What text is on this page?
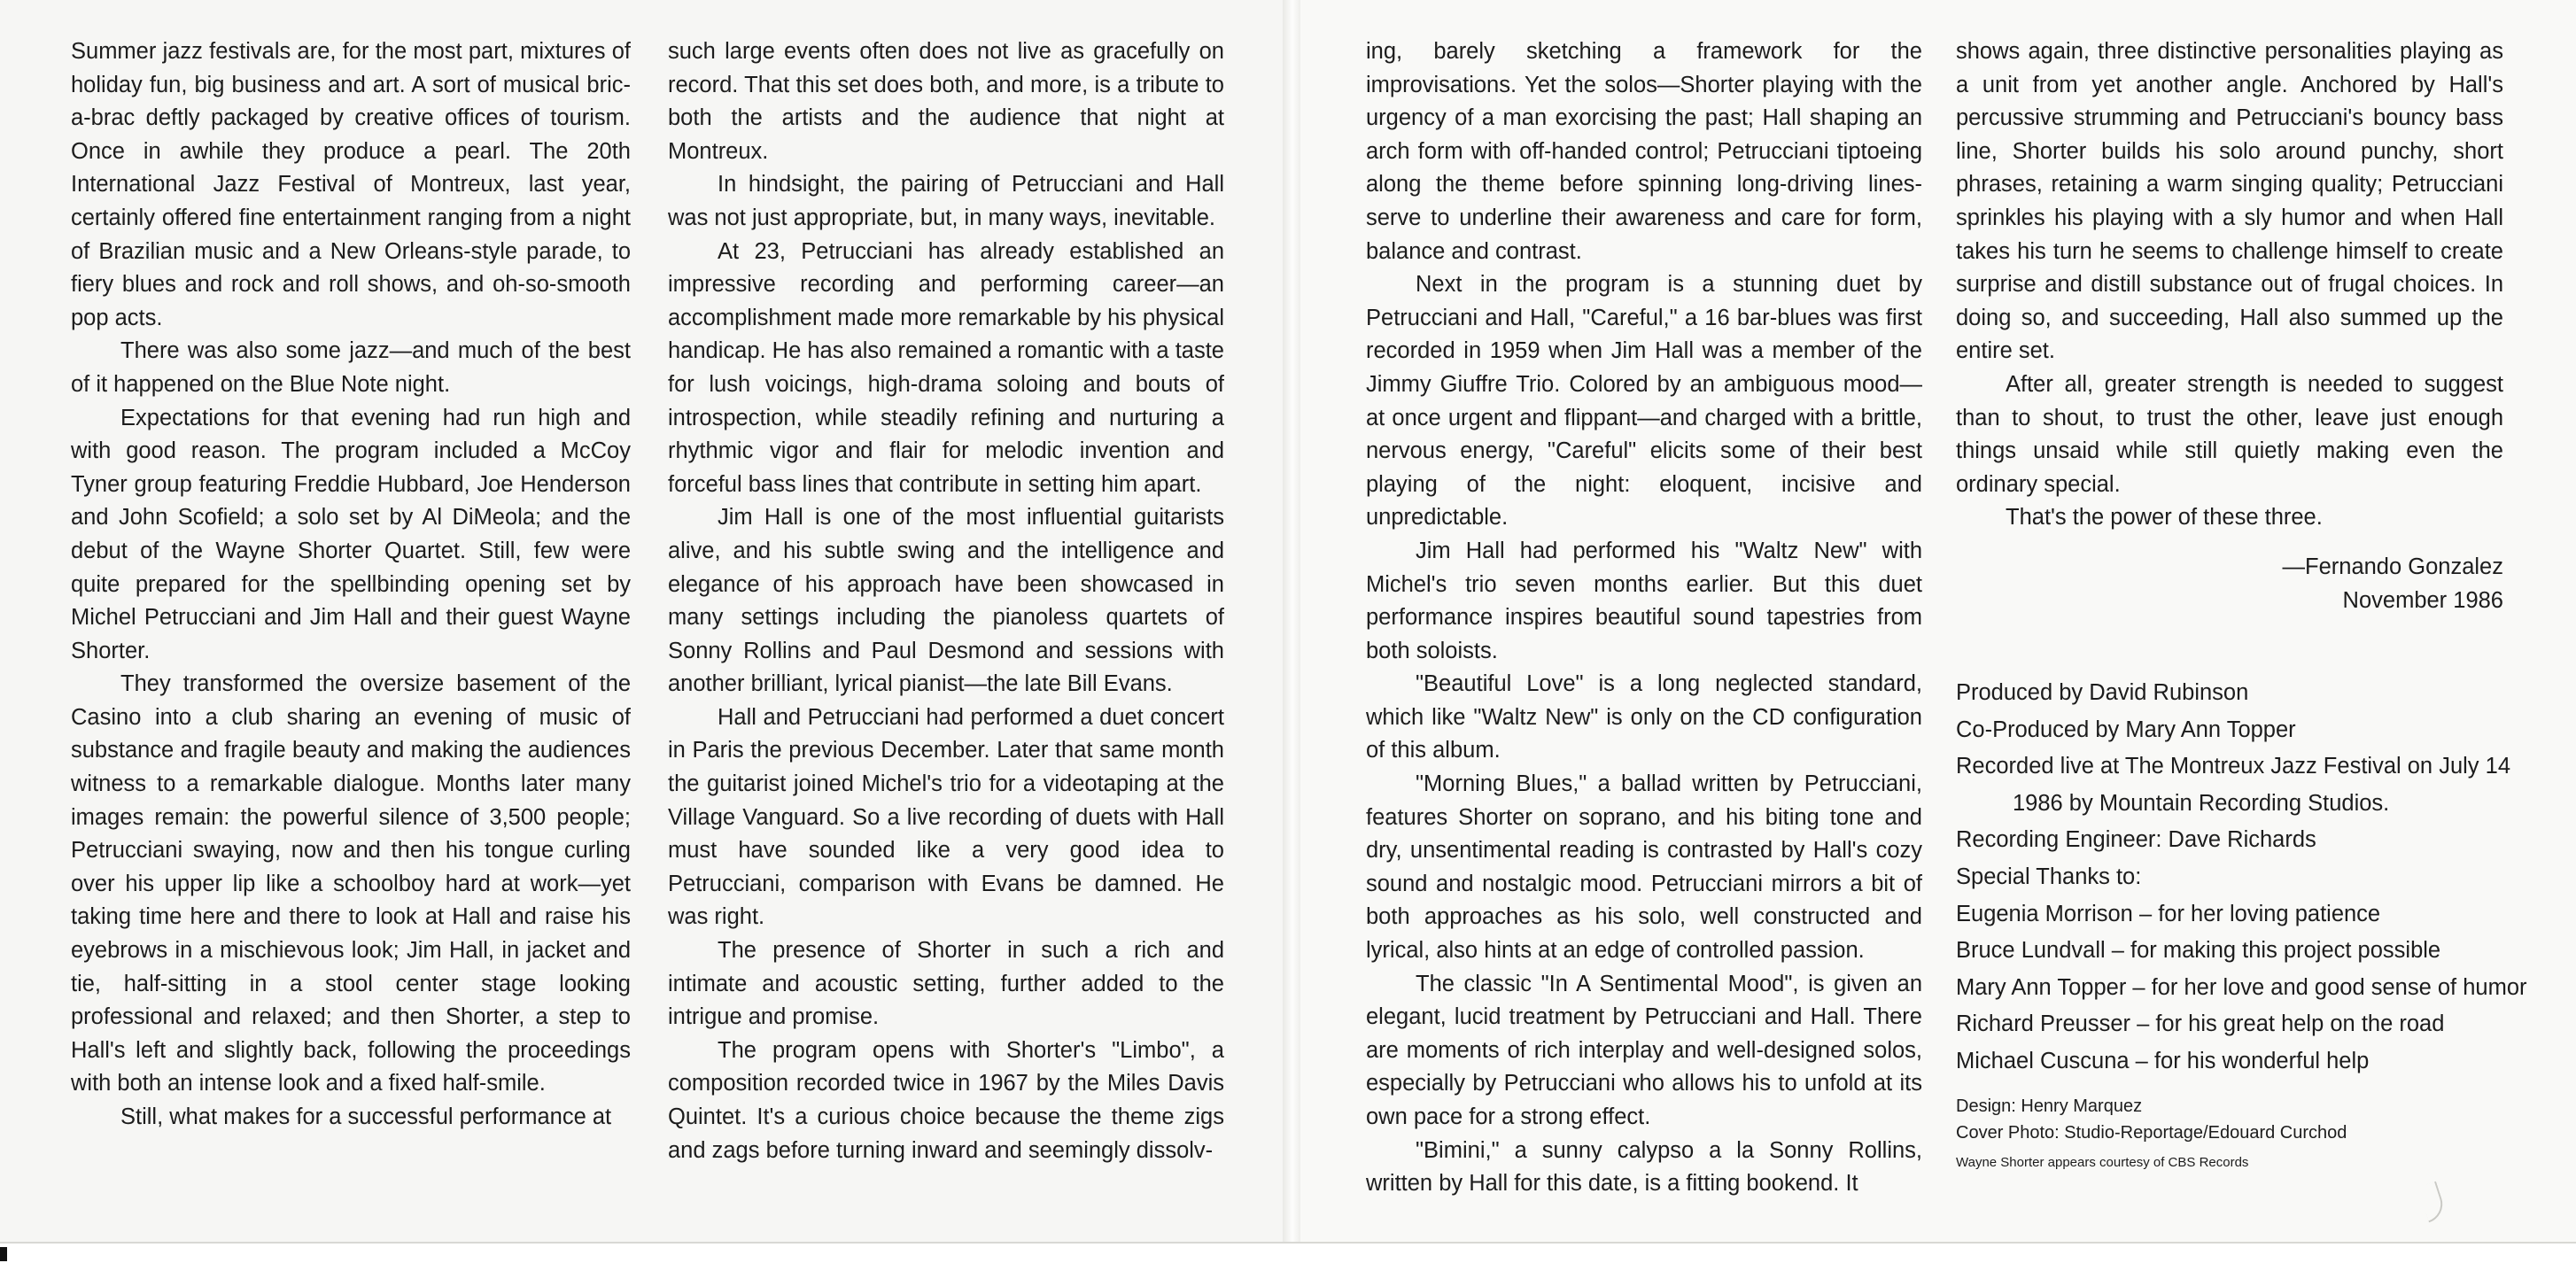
Summer jazz festivals are, for the most part, mixtures of holiday fun, big business and art. A sort of musical bric-a-brac deftly packaged by creative offices of tourism. Once in awhile they produce a pearl. The 20th International Jazz Festival of Montreux, last year, certainly offered fine entertainment ranging from a night of Brazilian music and a New Orleans-style parade, to fiery blues and rock and roll shows, and oh-so-smooth pop acts.

There was also some jazz—and much of the best of it happened on the Blue Note night.

Expectations for that evening had run high and with good reason. The program included a McCoy Tyner group featuring Freddie Hubbard, Joe Henderson and John Scofield; a solo set by Al DiMeola; and the debut of the Wayne Shorter Quartet. Still, few were quite prepared for the spellbinding opening set by Michel Petrucciani and Jim Hall and their guest Wayne Shorter.

They transformed the oversize basement of the Casino into a club sharing an evening of music of substance and fragile beauty and making the audiences witness to a remarkable dialogue. Months later many images remain: the powerful silence of 3,500 people; Petrucciani swaying, now and then his tongue curling over his upper lip like a schoolboy hard at work—yet taking time here and there to look at Hall and raise his eyebrows in a mischievous look; Jim Hall, in jacket and tie, half-sitting in a stool center stage looking professional and relaxed; and then Shorter, a step to Hall's left and slightly back, following the proceedings with both an intense look and a fixed half-smile.

Still, what makes for a successful performance at

such large events often does not live as gracefully on record. That this set does both, and more, is a tribute to both the artists and the audience that night at Montreux.

In hindsight, the pairing of Petrucciani and Hall was not just appropriate, but, in many ways, inevitable.

At 23, Petrucciani has already established an impressive recording and performing career—an accomplishment made more remarkable by his physical handicap. He has also remained a romantic with a taste for lush voicings, high-drama soloing and bouts of introspection, while steadily refining and nurturing a rhythmic vigor and flair for melodic invention and forceful bass lines that contribute in setting him apart.

Jim Hall is one of the most influential guitarists alive, and his subtle swing and the intelligence and elegance of his approach have been showcased in many settings including the pianoless quartets of Sonny Rollins and Paul Desmond and sessions with another brilliant, lyrical pianist—the late Bill Evans.

Hall and Petrucciani had performed a duet concert in Paris the previous December. Later that same month the guitarist joined Michel's trio for a videotaping at the Village Vanguard. So a live recording of duets with Hall must have sounded like a very good idea to Petrucciani, comparison with Evans be damned. He was right.

The presence of Shorter in such a rich and intimate and acoustic setting, further added to the intrigue and promise.

The program opens with Shorter's "Limbo", a composition recorded twice in 1967 by the Miles Davis Quintet. It's a curious choice because the theme zigs and zags before turning inward and seemingly dissolv-

ing, barely sketching a framework for the improvisations. Yet the solos—Shorter playing with the urgency of a man exorcising the past; Hall shaping an arch form with off-handed control; Petrucciani tiptoeing along the theme before spinning long-driving lines-serve to underline their awareness and care for form, balance and contrast.

Next in the program is a stunning duet by Petrucciani and Hall, "Careful," a 16 bar-blues was first recorded in 1959 when Jim Hall was a member of the Jimmy Giuffre Trio. Colored by an ambiguous mood—at once urgent and flippant—and charged with a brittle, nervous energy, "Careful" elicits some of their best playing of the night: eloquent, incisive and unpredictable.

Jim Hall had performed his "Waltz New" with Michel's trio seven months earlier. But this duet performance inspires beautiful sound tapestries from both soloists.

"Beautiful Love" is a long neglected standard, which like "Waltz New" is only on the CD configuration of this album.

"Morning Blues," a ballad written by Petrucciani, features Shorter on soprano, and his biting tone and dry, unsentimental reading is contrasted by Hall's cozy sound and nostalgic mood. Petrucciani mirrors a bit of both approaches as his solo, well constructed and lyrical, also hints at an edge of controlled passion.

The classic "In A Sentimental Mood", is given an elegant, lucid treatment by Petrucciani and Hall. There are moments of rich interplay and well-designed solos, especially by Petrucciani who allows his to unfold at its own pace for a strong effect.

"Bimini," a sunny calypso a la Sonny Rollins, written by Hall for this date, is a fitting bookend. It

shows again, three distinctive personalities playing as a unit from yet another angle. Anchored by Hall's percussive strumming and Petrucciani's bouncy bass line, Shorter builds his solo around punchy, short phrases, retaining a warm singing quality; Petrucciani sprinkles his playing with a sly humor and when Hall takes his turn he seems to challenge himself to create surprise and distill substance out of frugal choices. In doing so, and succeeding, Hall also summed up the entire set.

After all, greater strength is needed to suggest than to shout, to trust the other, leave just enough things unsaid while still quietly making even the ordinary special.

That's the power of these three.

—Fernando Gonzalez

November 1986

Produced by David Rubinson
Co-Produced by Mary Ann Topper
Recorded live at The Montreux Jazz Festival on July 14
1986 by Mountain Recording Studios.
Recording Engineer: Dave Richards
Special Thanks to:
Eugenia Morrison – for her loving patience
Bruce Lundvall – for making this project possible
Mary Ann Topper – for her love and good sense of humor
Richard Preusser – for his great help on the road
Michael Cuscuna – for his wonderful help
Design: Henry Marquez
Cover Photo: Studio-Reportage/Edouard Curchod
Wayne Shorter appears courtesy of CBS Records
